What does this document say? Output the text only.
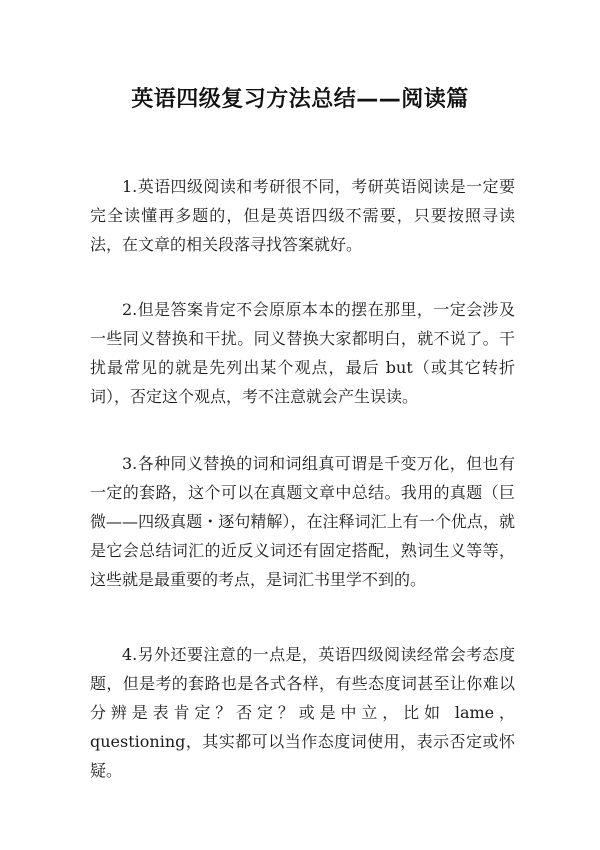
英语四级复习方法总结——阅读篇

1.英语四级阅读和考研很不同，考研英语阅读是一定要完全读懂再多题的，但是英语四级不需要，只要按照寻读法，在文章的相关段落寻找答案就好。

2.但是答案肯定不会原原本本的摆在那里，一定会涉及一些同义替换和干扰。同义替换大家都明白，就不说了。干扰最常见的就是先列出某个观点，最后 but（或其它转折词），否定这个观点，考不注意就会产生误读。

3.各种同义替换的词和词组真可谓是千变万化，但也有一定的套路，这个可以在真题文章中总结。我用的真题（巨微——四级真题・逐句精解），在注释词汇上有一个优点，就是它会总结词汇的近反义词还有固定搭配，熟词生义等等，这些就是最重要的考点，是词汇书里学不到的。

4.另外还要注意的一点是，英语四级阅读经常会考态度题，但是考的套路也是各式各样，有些态度词甚至让你难以分辨是表肯定？否定？或是中立，比如 lame，questioning，其实都可以当作态度词使用，表示否定或怀疑。
